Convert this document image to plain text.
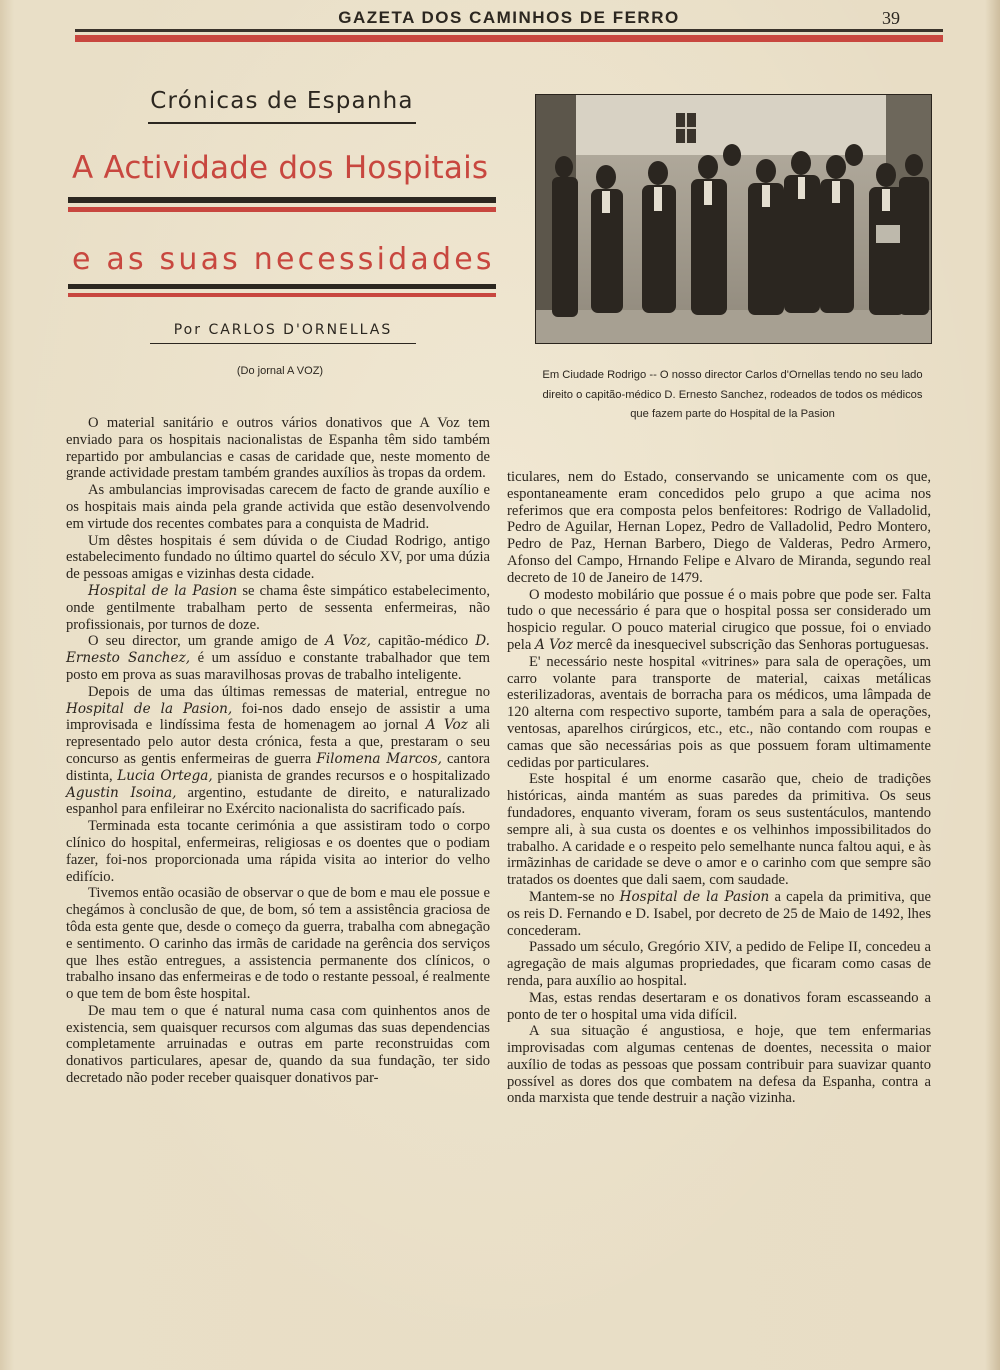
GAZETA DOS CAMINHOS DE FERRO	39
Crónicas de Espanha
A Actividade dos Hospitais
e as suas necessidades
Por CARLOS D'ORNELLAS
(Do jornal A VOZ)	Em Ciudade Rodrigo -- O nosso director Carlos d'Ornellas tendo no seu lado direito o capitão-médico D. Ernesto Sanchez, rodeados de todos os médicos que fazem parte do Hospital de la Pasion

O material sanitário e outros vários donativos que A Voz tem enviado para os hospitais nacionalistas de Espanha têm sido também repartido por ambulancias e casas de caridade que, neste momento de grande actividade prestam também grandes auxílios às tropas da ordem.

As ambulancias improvisadas carecem de facto de grande auxílio e os hospitais mais ainda pela grande activida que estão desenvolvendo em virtude dos recentes combates para a conquista de Madrid.

Um dêstes hospitais é sem dúvida o de Ciudad Rodrigo, antigo estabelecimento fundado no último quartel do século XV, por uma dúzia de pessoas amigas e vizinhas desta cidade.

Hospital de la Pasion se chama êste simpático estabelecimento, onde gentilmente trabalham perto de sessenta enfermeiras, não profissionais, por turnos de doze.

O seu director, um grande amigo de A Voz, capitão-médico D. Ernesto Sanchez, é um assíduo e constante trabalhador que tem posto em prova as suas maravilhosas provas de trabalho inteligente.

Depois de uma das últimas remessas de material, entregue no Hospital de la Pasion, foi-nos dado ensejo de assistir a uma improvisada e lindíssima festa de homenagem ao jornal A Voz ali representado pelo autor desta crónica, festa a que, prestaram o seu concurso as gentis enfermeiras de guerra Filomena Marcos, cantora distinta, Lucia Ortega, pianista de grandes recursos e o hospitalizado Agustin Isoina, argentino, estudante de direito, e naturalizado espanhol para enfileirar no Exército nacionalista do sacrificado país.

Terminada esta tocante cerimónia a que assistiram todo o corpo clínico do hospital, enfermeiras, religiosas e os doentes que o podiam fazer, foi-nos proporcionada uma rápida visita ao interior do velho edifício.

Tivemos então ocasião de observar o que de bom e mau ele possue e chegámos à conclusão de que, de bom, só tem a assistência graciosa de tôda esta gente que, desde o começo da guerra, trabalha com abnegação e sentimento. O carinho das irmãs de caridade na gerência dos serviços que lhes estão entregues, a assistencia permanente dos clínicos, o trabalho insano das enfermeiras e de todo o restante pessoal, é realmente o que tem de bom êste hospital.

De mau tem o que é natural numa casa com quinhentos anos de existencia, sem quaisquer recursos com algumas das suas dependencias completamente arruinadas e outras em parte reconstruidas com donativos particulares, apesar de, quando da sua fundação, ter sido decretado não poder receber quaisquer donativos par-

ticulares, nem do Estado, conservando se unicamente com os que, espontaneamente eram concedidos pelo grupo a que acima nos referimos que era composta pelos benfeitores: Rodrigo de Valladolid, Pedro de Aguilar, Hernan Lopez, Pedro de Valladolid, Pedro Montero, Pedro de Paz, Hernan Barbero, Diego de Valderas, Pedro Armero, Afonso del Campo, Hrnando Felipe e Alvaro de Miranda, segundo real decreto de 10 de Janeiro de 1479.

O modesto mobilário que possue é o mais pobre que pode ser. Falta tudo o que necessário é para que o hospital possa ser considerado um hospicio regular. O pouco material cirugico que possue, foi o enviado pela A Voz mercê da inesquecivel subscrição das Senhoras portuguesas.

E' necessário neste hospital «vitrines» para sala de operações, um carro volante para transporte de material, caixas metálicas esterilizadoras, aventais de borracha para os médicos, uma lâmpada de 120 alterna com respectivo suporte, também para a sala de operações, ventosas, aparelhos cirúrgicos, etc., etc., não contando com roupas e camas que são necessárias pois as que possuem foram ultimamente cedidas por particulares.

Este hospital é um enorme casarão que, cheio de tradições históricas, ainda mantém as suas paredes da primitiva. Os seus fundadores, enquanto viveram, foram os seus sustentáculos, mantendo sempre ali, à sua custa os doentes e os velhinhos impossibilitados do trabalho. A caridade e o respeito pelo semelhante nunca faltou aqui, e às irmãzinhas de caridade se deve o amor e o carinho com que sempre são tratados os doentes que dali saem, com saudade.

Mantem-se no Hospital de la Pasion a capela da primitiva, que os reis D. Fernando e D. Isabel, por decreto de 25 de Maio de 1492, lhes concederam.

Passado um século, Gregório XIV, a pedido de Felipe II, concedeu a agregação de mais algumas propriedades, que ficaram como casas de renda, para auxílio ao hospital.

Mas, estas rendas desertaram e os donativos foram escasseando a ponto de ter o hospital uma vida difícil.

A sua situação é angustiosa, e hoje, que tem enfermarias improvisadas com algumas centenas de doentes, necessita o maior auxílio de todas as pessoas que possam contribuir para suavizar quanto possível as dores dos que combatem na defesa da Espanha, contra a onda marxista que tende destruir a nação vizinha.
